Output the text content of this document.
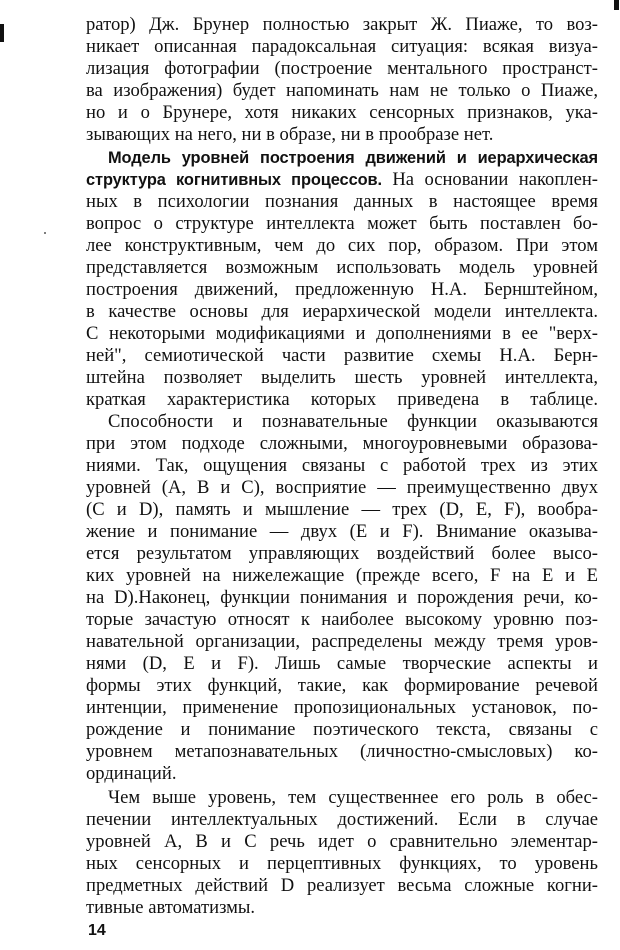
ратор) Дж. Брунер полностью закрыт Ж. Пиаже, то воз-

никает описанная парадоксальная ситуация: всякая визуа-

лизация фотографии (построение ментального пространст-

ва изображения) будет напоминать нам не только о Пиаже,

но и о Брунере, хотя никаких сенсорных признаков, ука-

зывающих на него, ни в образе, ни в прообразе нет.

Модель уровней построения движений и иерархическая

структура когнитивных процессов. На основании накоплен-

ных в психологии познания данных в настоящее время

вопрос о структуре интеллекта может быть поставлен бо-

лее конструктивным, чем до сих пор, образом. При этом

представляется возможным использовать модель уровней

построения движений, предложенную Н.А. Бернштейном,

в качестве основы для иерархической модели интеллекта.

С некоторыми модификациями и дополнениями в ее "верх-

ней", семиотической части развитие схемы Н.А. Берн-

штейна позволяет выделить шесть уровней интеллекта,

краткая характеристика которых приведена в таблице.

Способности и познавательные функции оказываются

при этом подходе сложными, многоуровневыми образова-

ниями. Так, ощущения связаны с работой трех из этих

уровней (A, B и C), восприятие — преимущественно двух

(C и D), память и мышление — трех (D, E, F), вообра-

жение и понимание — двух (E и F). Внимание оказыва-

ется результатом управляющих воздействий более высо-

ких уровней на нижележащие (прежде всего, F на E и E

на D).Наконец, функции понимания и порождения речи, ко-

торые зачастую относят к наиболее высокому уровню поз-

навательной организации, распределены между тремя уров-

нями (D, E и F). Лишь самые творческие аспекты и

формы этих функций, такие, как формирование речевой

интенции, применение пропозициональных установок, по-

рождение и понимание поэтического текста, связаны с

уровнем метапознавательных (личностно-смысловых) ко-

ординаций.

Чем выше уровень, тем существеннее его роль в обес-

печении интеллектуальных достижений. Если в случае

уровней A, B и C речь идет о сравнительно элементар-

ных сенсорных и перцептивных функциях, то уровень

предметных действий D реализует весьма сложные когни-

тивные автоматизмы.

14
